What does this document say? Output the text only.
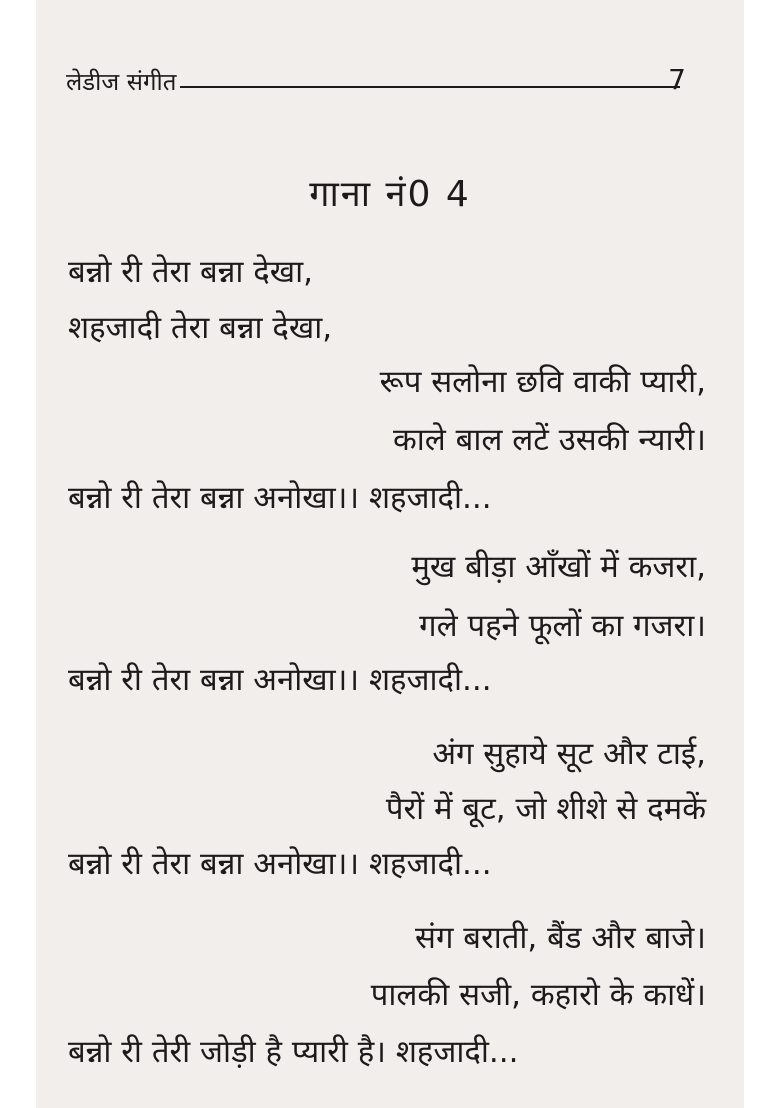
लेडीज संगीत	7
गाना नं0 4
बन्नो री तेरा बन्ना देखा,
शहजादी तेरा बन्ना देखा,
रूप सलोना छवि वाकी प्यारी,
काले बाल लटें उसकी न्यारी।
बन्नो री तेरा बन्ना अनोखा।। शहजादी...
मुख बीड़ा आँखों में कजरा,
गले पहने फूलों का गजरा।
बन्नो री तेरा बन्ना अनोखा।। शहजादी...
अंग सुहाये सूट और टाई,
पैरों में बूट, जो शीशे से दमकें
बन्नो री तेरा बन्ना अनोखा।। शहजादी...
संग बराती, बैंड और बाजे।
पालकी सजी, कहारो के काधें।
बन्नो री तेरी जोड़ी है प्यारी है। शहजादी...
